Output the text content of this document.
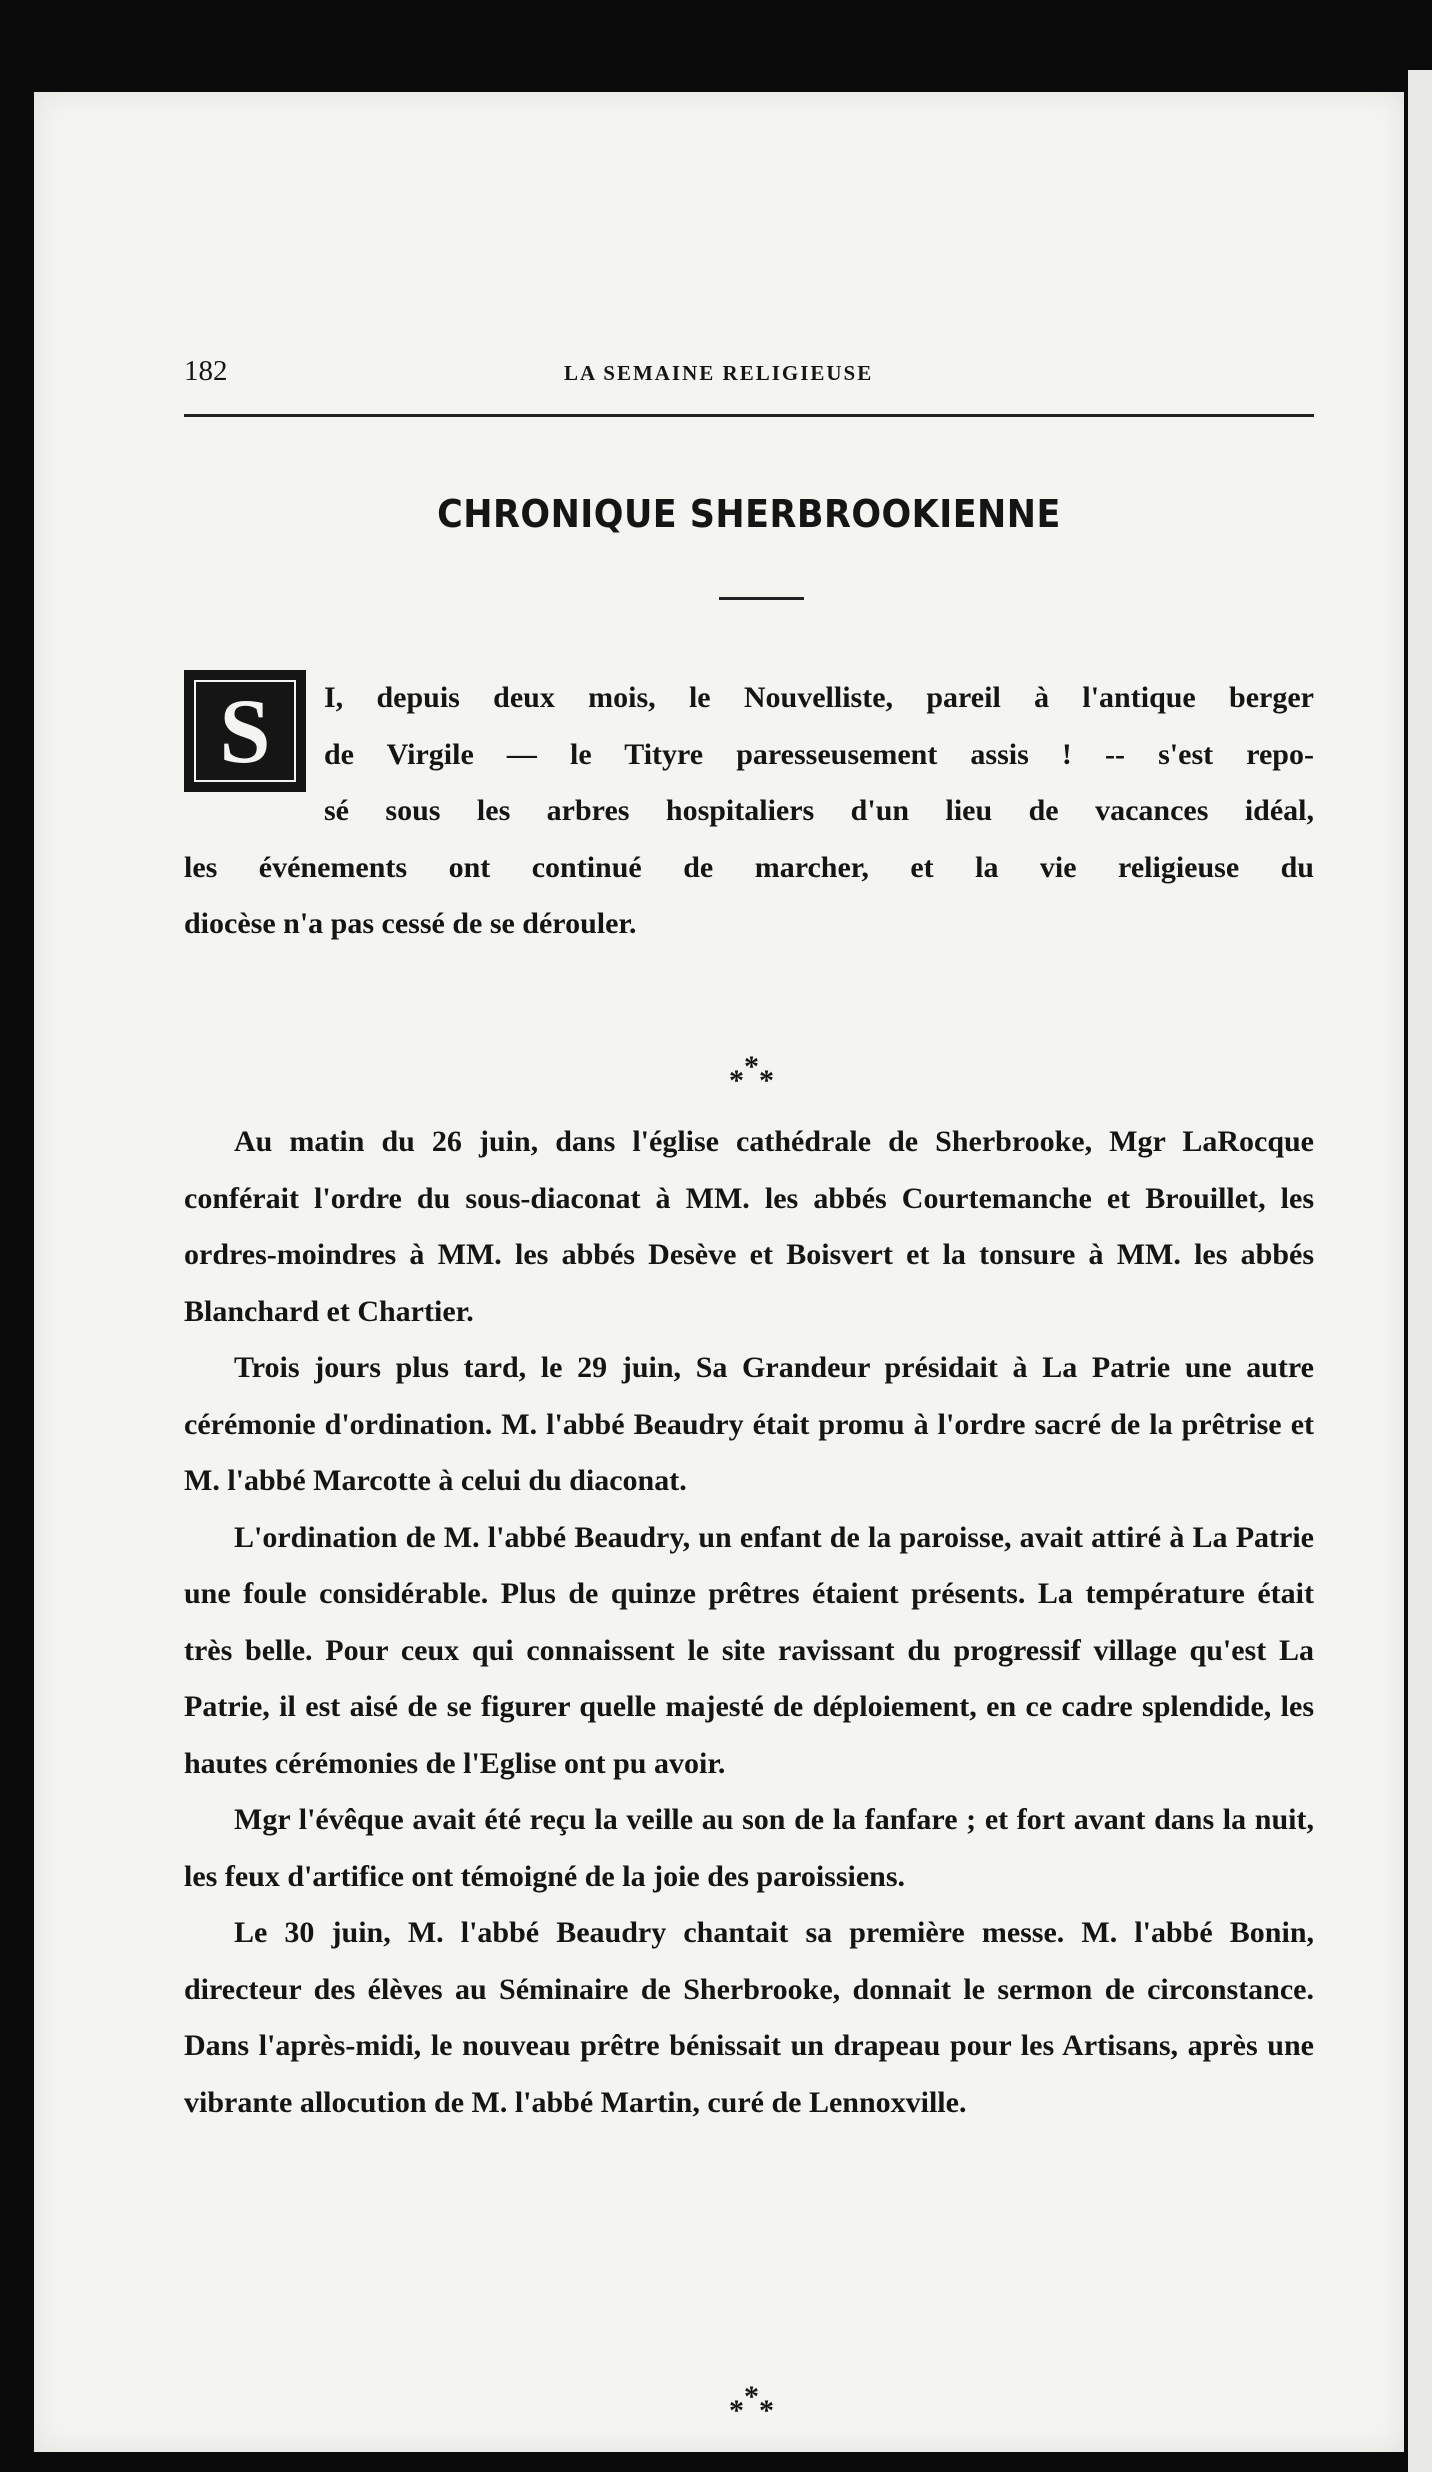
182	LA SEMAINE RELIGIEUSE
CHRONIQUE SHERBROOKIENNE
S	I, depuis deux mois, le Nouvelliste, pareil à l'antique berger
de Virgile — le Tityre paresseusement assis ! -- s'est repo-
sé sous les arbres hospitaliers d'un lieu de vacances idéal,
les événements ont continué de marcher, et la vie religieuse du
diocèse n'a pas cessé de se dérouler.
*
* *

Au matin du 26 juin, dans l'église cathédrale de Sherbrooke, Mgr LaRocque conférait l'ordre du sous-diaconat à MM. les abbés Courtemanche et Brouillet, les ordres-moindres à MM. les abbés Desève et Boisvert et la tonsure à MM. les abbés Blanchard et Chartier.

Trois jours plus tard, le 29 juin, Sa Grandeur présidait à La Patrie une autre cérémonie d'ordination. M. l'abbé Beaudry était promu à l'ordre sacré de la prêtrise et M. l'abbé Marcotte à celui du diaconat.

L'ordination de M. l'abbé Beaudry, un enfant de la paroisse, avait attiré à La Patrie une foule considérable. Plus de quinze prêtres étaient présents. La température était très belle. Pour ceux qui connaissent le site ravissant du progressif village qu'est La Patrie, il est aisé de se figurer quelle majesté de déploiement, en ce cadre splendide, les hautes cérémonies de l'Eglise ont pu avoir.

Mgr l'évêque avait été reçu la veille au son de la fanfare ; et fort avant dans la nuit, les feux d'artifice ont témoigné de la joie des paroissiens.

Le 30 juin, M. l'abbé Beaudry chantait sa première messe. M. l'abbé Bonin, directeur des élèves au Séminaire de Sherbrooke, donnait le sermon de circonstance. Dans l'après-midi, le nouveau prêtre bénissait un drapeau pour les Artisans, après une vibrante allocution de M. l'abbé Martin, curé de Lennoxville.

*
* *
